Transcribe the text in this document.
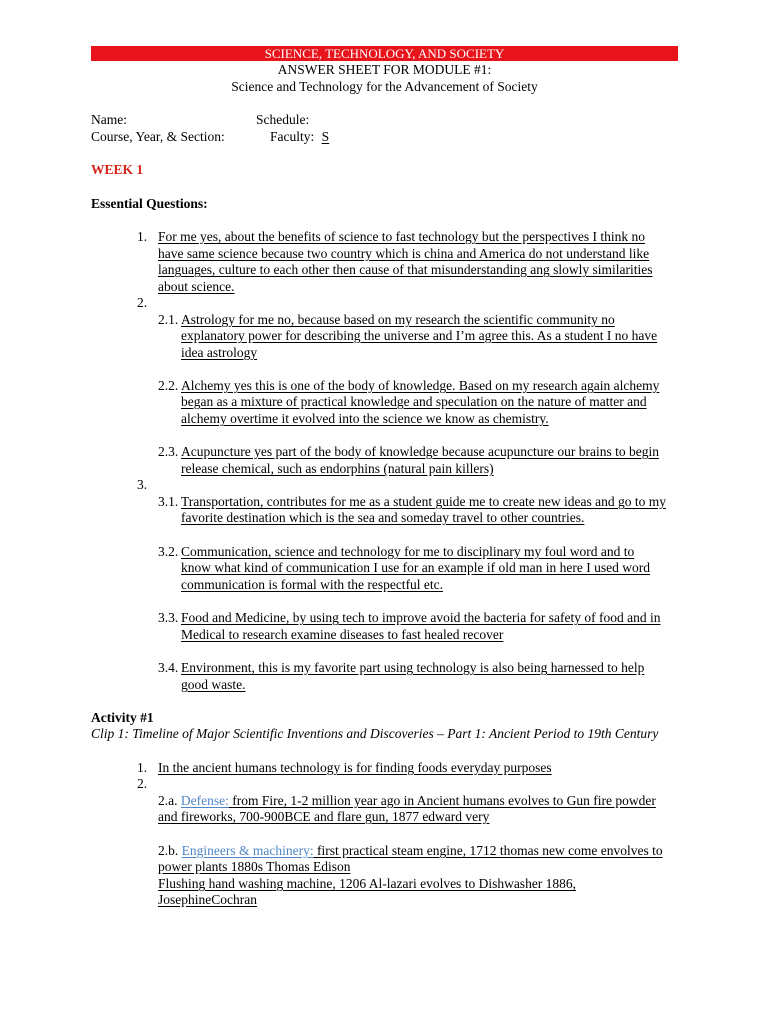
SCIENCE, TECHNOLOGY, AND SOCIETY
ANSWER SHEET FOR MODULE #1:
Science and Technology for the Advancement of Society
Name:	Schedule:
Course, Year, & Section:	Faculty: S
WEEK 1
Essential Questions:
1. For me yes, about the benefits of science to fast technology but the perspectives I think no
have same science because two country which is china and America do not understand like
languages, culture to each other then cause of that misunderstanding ang slowly similarities
about science.
2.
2.1. Astrology for me no, because based on my research the scientific community no
explanatory power for describing the universe and I’m agree this. As a student I no have
idea astrology
2.2. Alchemy yes this is one of the body of knowledge. Based on my research again alchemy
began as a mixture of practical knowledge and speculation on the nature of matter and
alchemy overtime it evolved into the science we know as chemistry.
2.3. Acupuncture yes part of the body of knowledge because acupuncture our brains to begin
release chemical, such as endorphins (natural pain killers)
3.
3.1. Transportation, contributes for me as a student guide me to create new ideas and go to my
favorite destination which is the sea and someday travel to other countries.
3.2. Communication, science and technology for me to disciplinary my foul word and to
know what kind of communication I use for an example if old man in here I used word
communication is formal with the respectful etc.
3.3. Food and Medicine, by using tech to improve avoid the bacteria for safety of food and in
Medical to research examine diseases to fast healed recover
3.4. Environment, this is my favorite part using technology is also being harnessed to help
good waste.
Activity #1
Clip 1: Timeline of Major Scientific Inventions and Discoveries – Part 1: Ancient Period to 19th Century
1. In the ancient humans technology is for finding foods everyday purposes
2.
2.a. Defense: from Fire, 1-2 million year ago in Ancient humans evolves to Gun fire powder
and fireworks, 700-900BCE and flare gun, 1877 edward very
2.b. Engineers & machinery: first practical steam engine, 1712 thomas new come envolves to
power plants 1880s Thomas Edison
Flushing hand washing machine, 1206 Al-lazari evolves to Dishwasher 1886,
JosephineCochran
